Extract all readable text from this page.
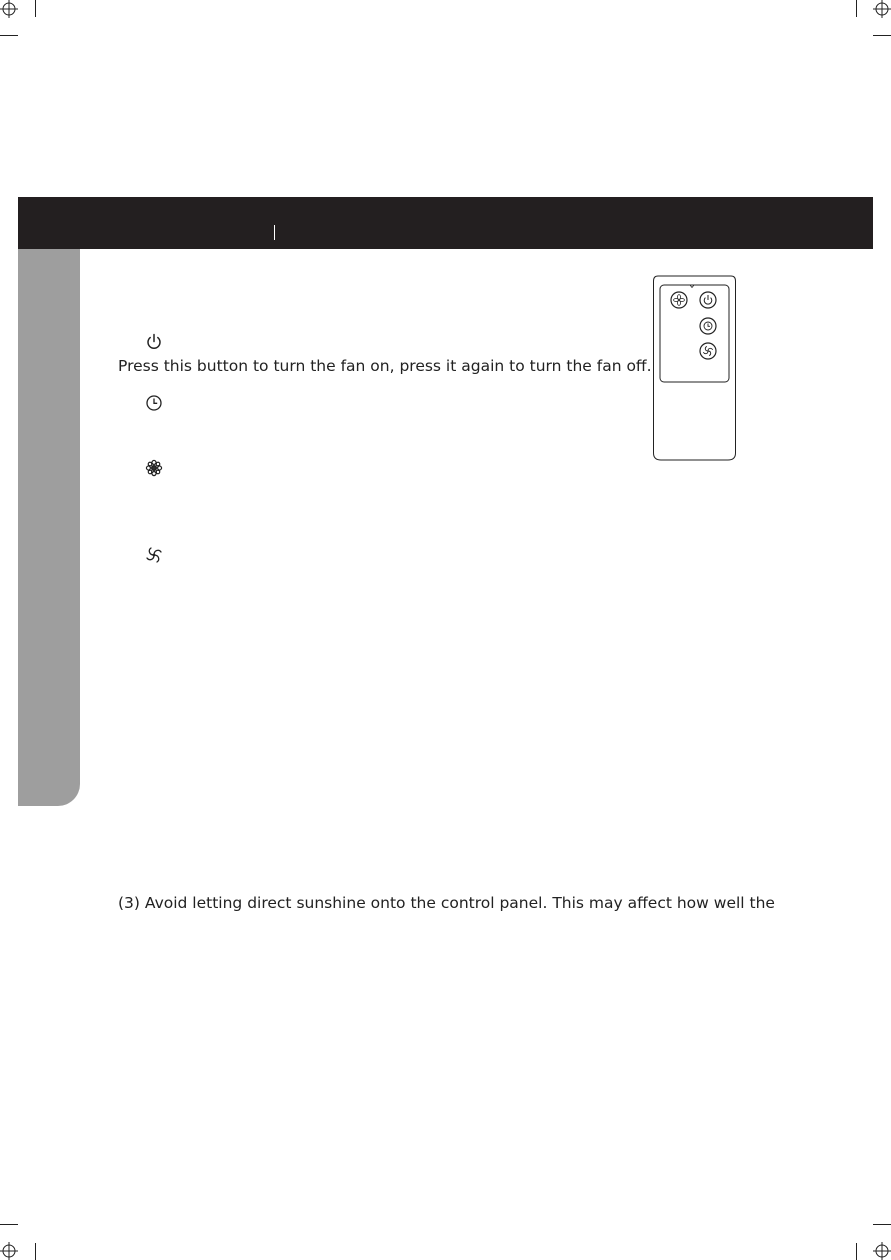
Press this button to turn the fan on, press it again to turn the fan off.
(3) Avoid letting direct sunshine onto the control panel. This may affect how well the
